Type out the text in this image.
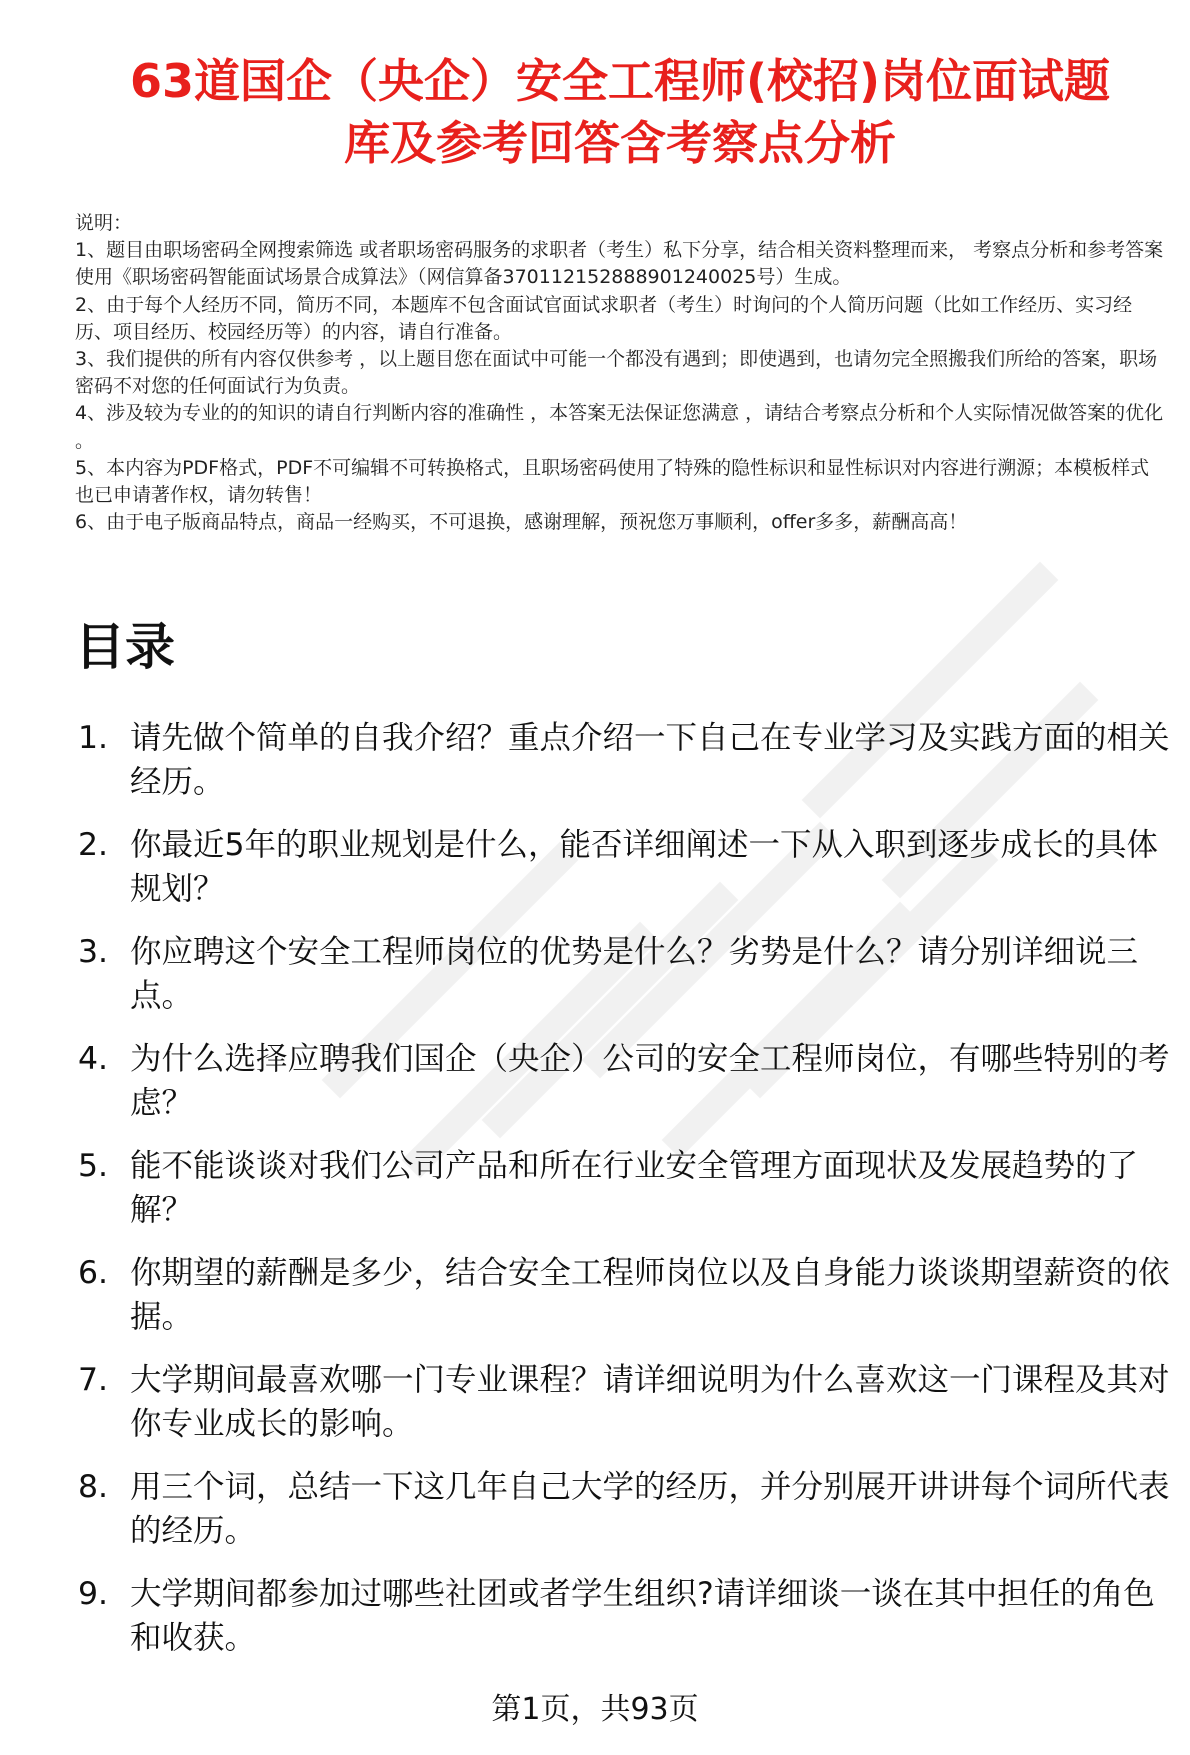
63道国企（央企）安全工程师(校招)岗位面试题
库及参考回答含考察点分析
说明：
1、题目由职场密码全网搜索筛选 或者职场密码服务的求职者（考生）私下分享，结合相关资料整理而来， 考察点分析和参考答案使用《职场密码智能面试场景合成算法》（网信算备370112152888901240025号）生成。
2、由于每个人经历不同，简历不同，本题库不包含面试官面试求职者（考生）时询问的个人简历问题（比如工作经历、实习经历、项目经历、校园经历等）的内容，请自行准备。
3、我们提供的所有内容仅供参考 ，以上题目您在面试中可能一个都没有遇到；即使遇到，也请勿完全照搬我们所给的答案，职场密码不对您的任何面试行为负责。
4、涉及较为专业的的知识的请自行判断内容的准确性 ，本答案无法保证您满意 ，请结合考察点分析和个人实际情况做答案的优化 。
5、本内容为PDF格式，PDF不可编辑不可转换格式，且职场密码使用了特殊的隐性标识和显性标识对内容进行溯源；本模板样式也已申请著作权，请勿转售！
6、由于电子版商品特点，商品一经购买，不可退换，感谢理解，预祝您万事顺利，offer多多，薪酬高高！
目录
1. 请先做个简单的自我介绍？重点介绍一下自己在专业学习及实践方面的相关经历。
2. 你最近5年的职业规划是什么，能否详细阐述一下从入职到逐步成长的具体规划？
3. 你应聘这个安全工程师岗位的优势是什么？劣势是什么？请分别详细说三点。
4. 为什么选择应聘我们国企（央企）公司的安全工程师岗位，有哪些特别的考虑？
5. 能不能谈谈对我们公司产品和所在行业安全管理方面现状及发展趋势的了解？
6. 你期望的薪酬是多少，结合安全工程师岗位以及自身能力谈谈期望薪资的依据。
7. 大学期间最喜欢哪一门专业课程？请详细说明为什么喜欢这一门课程及其对你专业成长的影响。
8. 用三个词，总结一下这几年自己大学的经历，并分别展开讲讲每个词所代表的经历。
9. 大学期间都参加过哪些社团或者学生组织?请详细谈一谈在其中担任的角色和收获。
第1页，共93页
